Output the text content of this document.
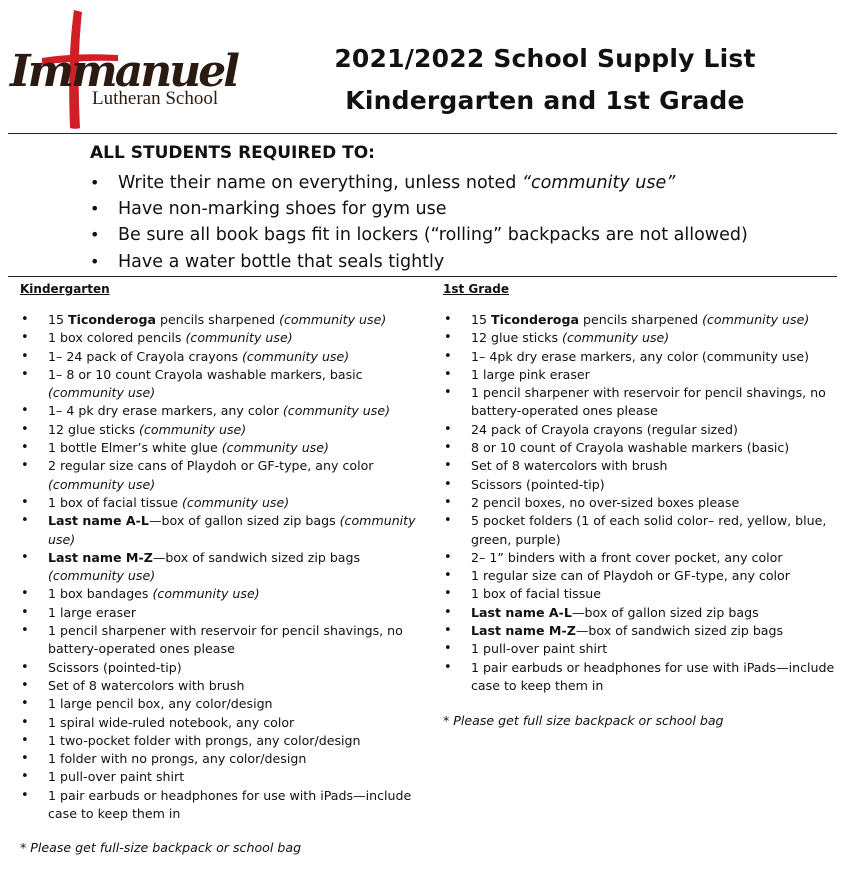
Immanuel
Lutheran School
2021/2022 School Supply List
Kindergarten and 1st Grade
ALL STUDENTS REQUIRED TO:
• Write their name on everything, unless noted “community use”
• Have non-marking shoes for gym use
• Be sure all book bags fit in lockers (“rolling” backpacks are not allowed)
• Have a water bottle that seals tightly
Kindergarten
• 15 Ticonderoga pencils sharpened (community use)
• 1 box colored pencils (community use)
• 1– 24 pack of Crayola crayons (community use)
• 1– 8 or 10 count Crayola washable markers, basic (community use)
• 1– 4 pk dry erase markers, any color (community use)
• 12 glue sticks (community use)
• 1 bottle Elmer’s white glue (community use)
• 2 regular size cans of Playdoh or GF-type, any color (community use)
• 1 box of facial tissue (community use)
• Last name A-L—box of gallon sized zip bags (community use)
• Last name M-Z—box of sandwich sized zip bags (community use)
• 1 box bandages (community use)
• 1 large eraser
• 1 pencil sharpener with reservoir for pencil shavings, no battery-operated ones please
• Scissors (pointed-tip)
• Set of 8 watercolors with brush
• 1 large pencil box, any color/design
• 1 spiral wide-ruled notebook, any color
• 1 two-pocket folder with prongs, any color/design
• 1 folder with no prongs, any color/design
• 1 pull-over paint shirt
• 1 pair earbuds or headphones for use with iPads—include case to keep them in
1st Grade
• 15 Ticonderoga pencils sharpened (community use)
• 12 glue sticks (community use)
• 1– 4pk dry erase markers, any color (community use)
• 1 large pink eraser
• 1 pencil sharpener with reservoir for pencil shavings, no battery-operated ones please
• 24 pack of Crayola crayons (regular sized)
• 8 or 10 count of Crayola washable markers (basic)
• Set of 8 watercolors with brush
• Scissors (pointed-tip)
• 2 pencil boxes, no over-sized boxes please
• 5 pocket folders (1 of each solid color– red, yellow, blue, green, purple)
• 2– 1” binders with a front cover pocket, any color
• 1 regular size can of Playdoh or GF-type, any color
• 1 box of facial tissue
• Last name A-L—box of gallon sized zip bags
• Last name M-Z—box of sandwich sized zip bags
• 1 pull-over paint shirt
• 1 pair earbuds or headphones for use with iPads—include case to keep them in
* Please get full size backpack or school bag
* Please get full-size backpack or school bag
